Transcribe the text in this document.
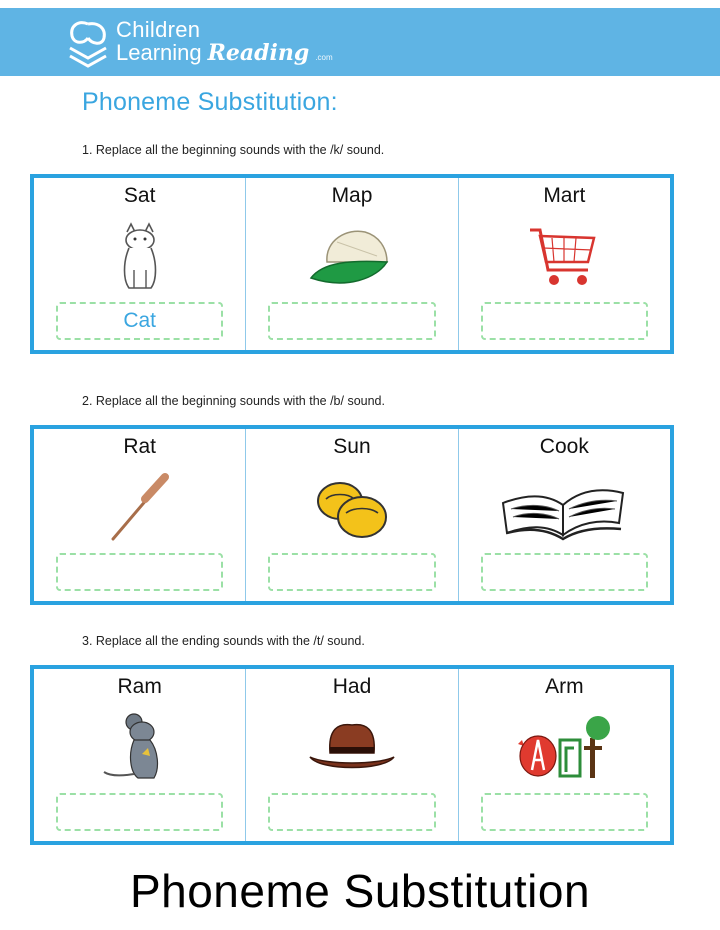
Children
Learning Reading .com
Phoneme Substitution:
1. Replace all the beginning sounds with the /k/ sound.
Sat
Cat
Map	Mart
2. Replace all the beginning sounds with the /b/ sound.
Rat	Sun	Cook
3. Replace all the ending sounds with the /t/ sound.
Ram	Had	Arm
Phoneme Substitution
